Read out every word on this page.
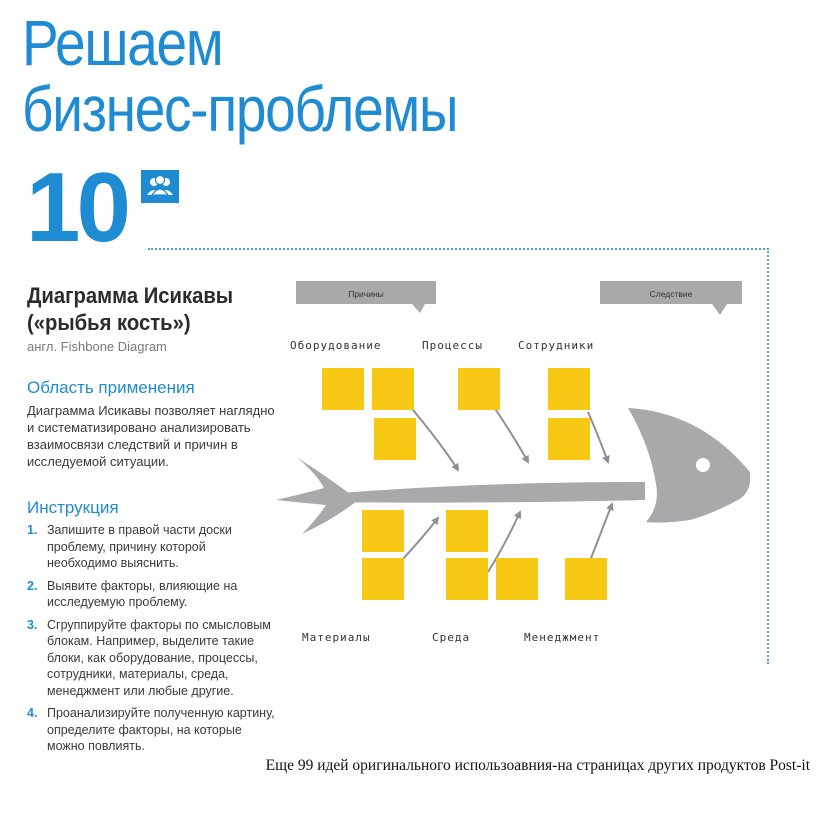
Решаем
бизнес-проблемы
10
Диаграмма Исикавы
(«рыбья кость»)
англ. Fishbone Diagram
Область применения
Диаграмма Исикавы позволяет наглядно и систематизировано анализировать взаимосвязи следствий и причин в исследуемой ситуации.
Инструкция
1. Запишите в правой части доски проблему, причину которой необходимо выяснить.
2. Выявите факторы, влияющие на исследуемую проблему.
3. Сгруппируйте факторы по смысловым блокам. Например, выделите такие блоки, как оборудование, процессы, сотрудники, материалы, среда, менеджмент или любые другие.
4. Проанализируйте полученную картину, определите факторы, на которые можно повлиять.
Причины	Следствие
Оборудование	Процессы	Сотрудники
Материалы	Среда	Менеджмент
Еще 99 идей оригинального использоавния-на страницах других продуктов Post-it
